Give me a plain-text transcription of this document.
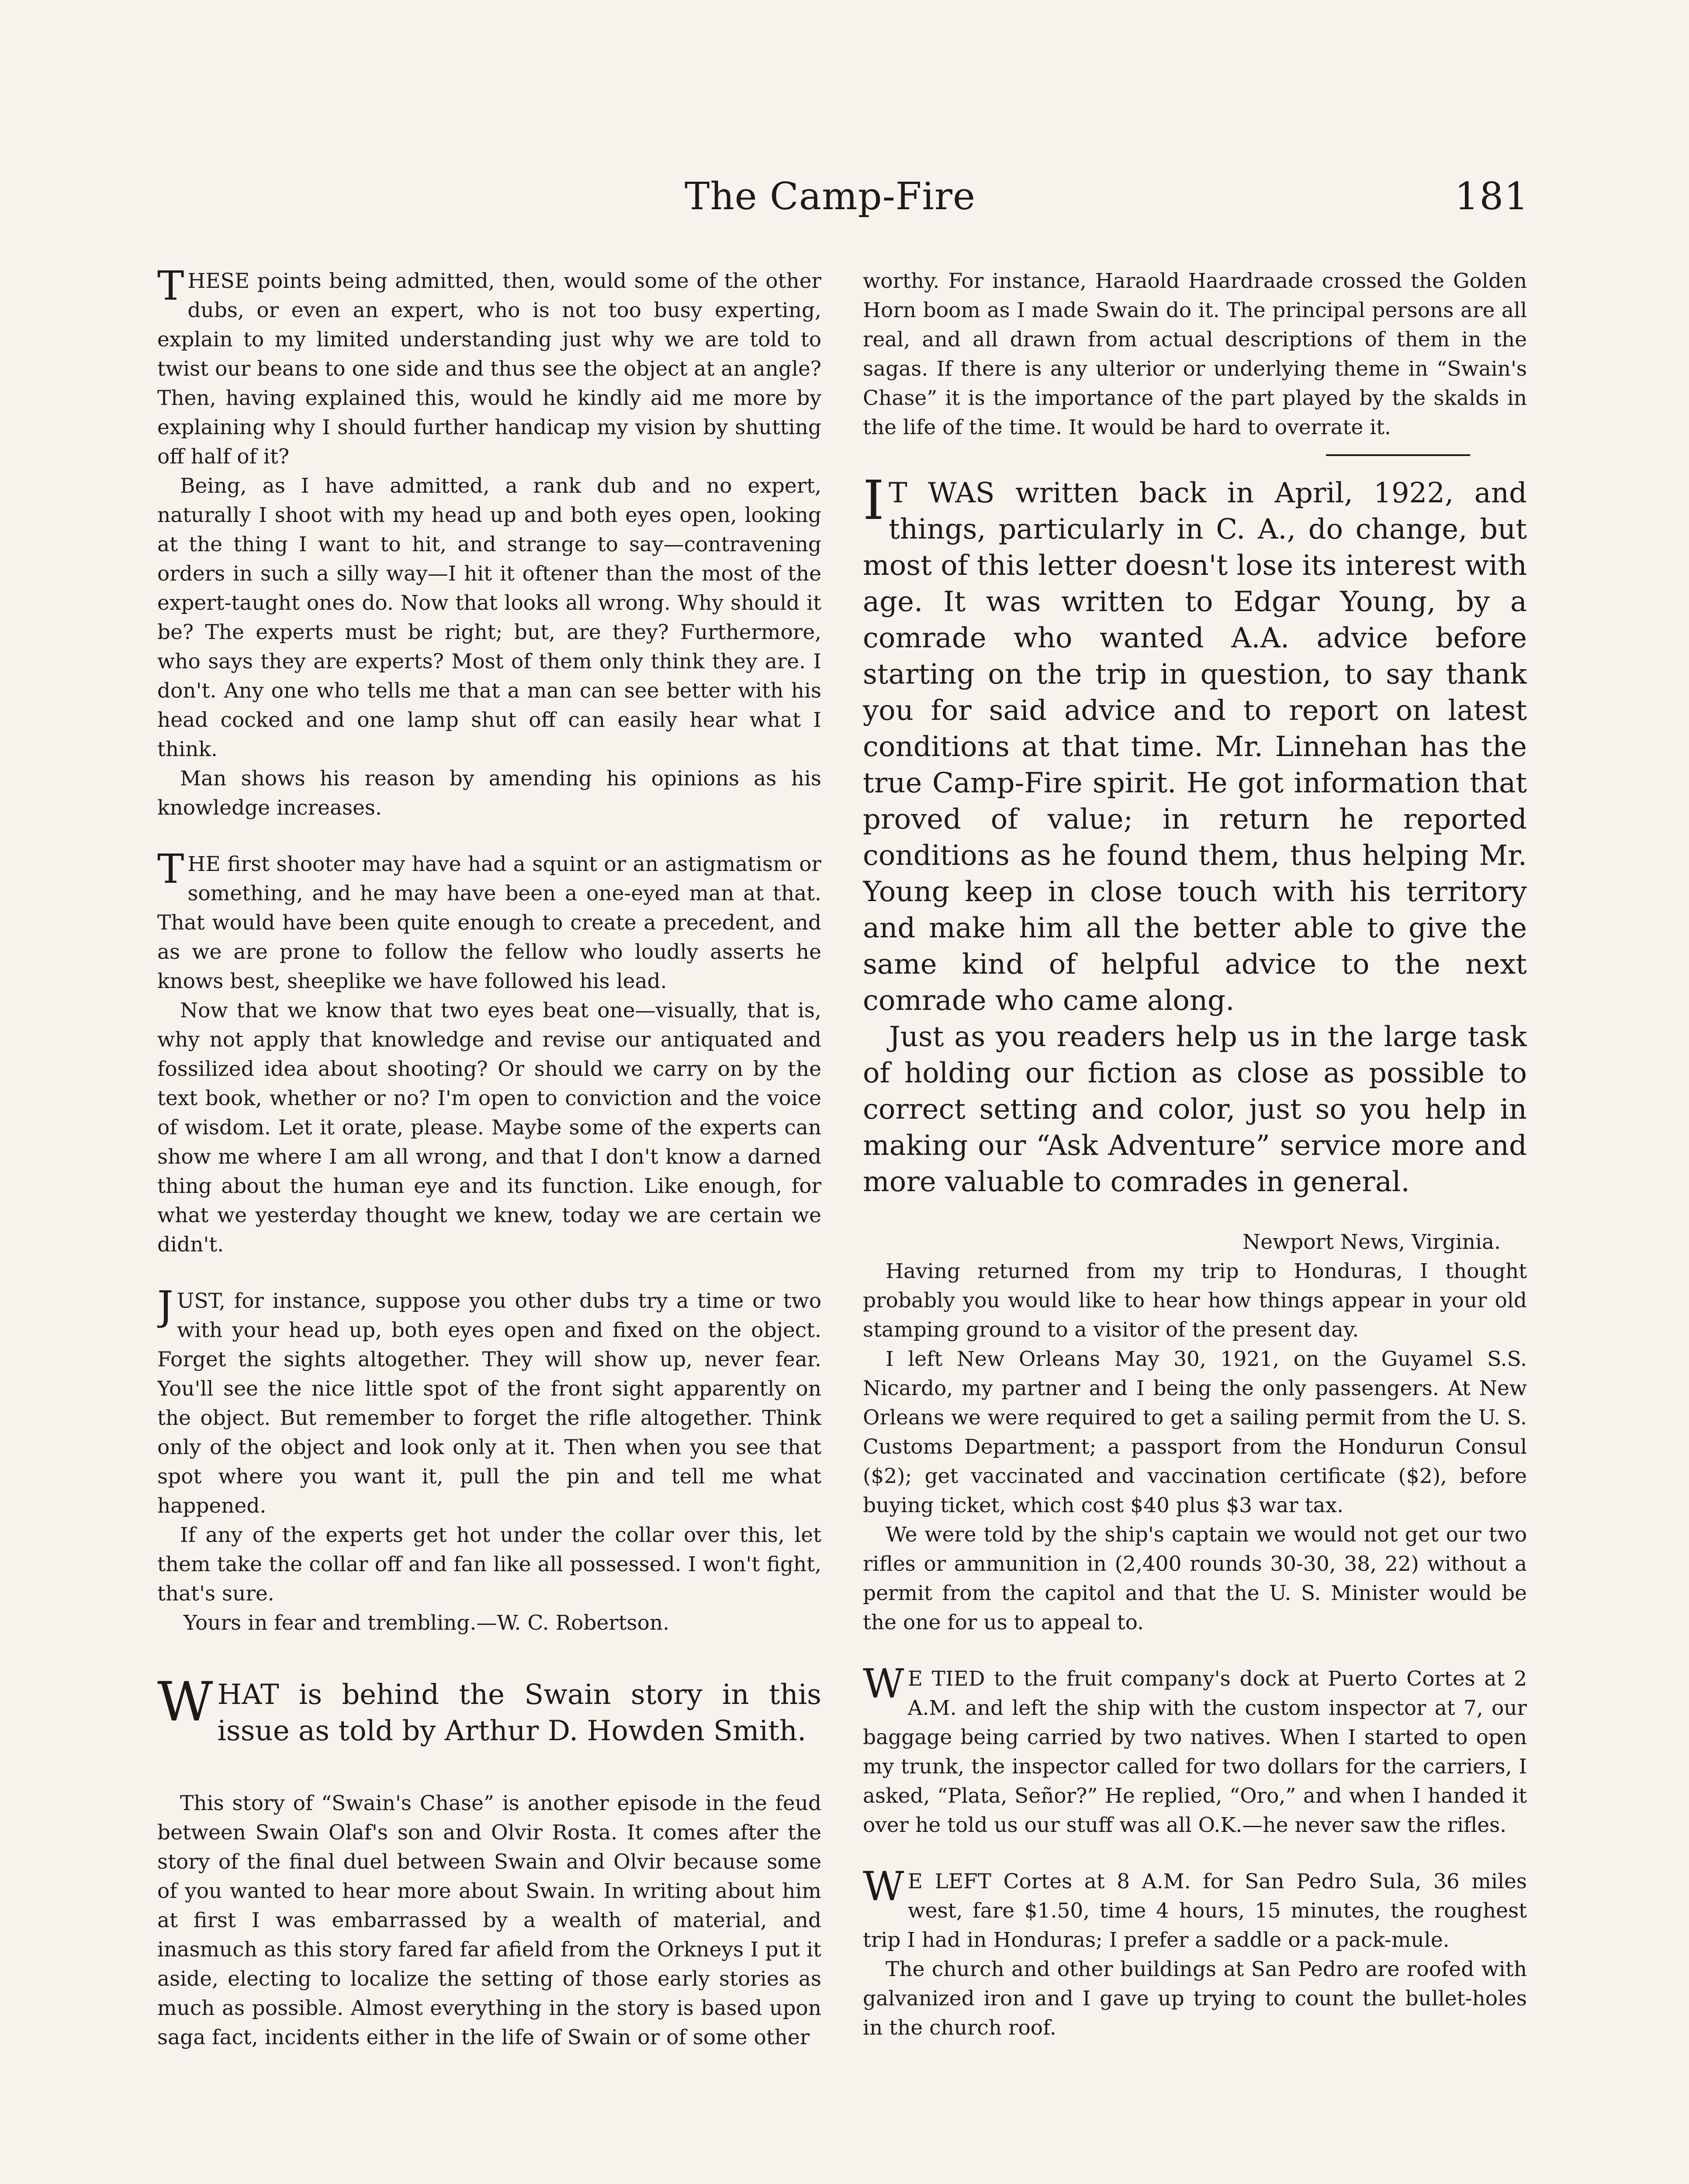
The Camp-Fire	181

THESE points being admitted, then, would some of the other dubs, or even an expert, who is not too busy experting, explain to my limited understanding just why we are told to twist our beans to one side and thus see the object at an angle? Then, having explained this, would he kindly aid me more by explaining why I should further handicap my vision by shutting off half of it?

Being, as I have admitted, a rank dub and no expert, naturally I shoot with my head up and both eyes open, looking at the thing I want to hit, and strange to say—contravening orders in such a silly way—I hit it oftener than the most of the expert-taught ones do. Now that looks all wrong. Why should it be? The experts must be right; but, are they? Furthermore, who says they are experts? Most of them only think they are. I don't. Any one who tells me that a man can see better with his head cocked and one lamp shut off can easily hear what I think.

Man shows his reason by amending his opinions as his knowledge increases.

THE first shooter may have had a squint or an astigmatism or something, and he may have been a one-eyed man at that. That would have been quite enough to create a precedent, and as we are prone to follow the fellow who loudly asserts he knows best, sheeplike we have followed his lead.

Now that we know that two eyes beat one—visually, that is, why not apply that knowledge and revise our antiquated and fossilized idea about shooting? Or should we carry on by the text book, whether or no? I'm open to conviction and the voice of wisdom. Let it orate, please. Maybe some of the experts can show me where I am all wrong, and that I don't know a darned thing about the human eye and its function. Like enough, for what we yesterday thought we knew, today we are certain we didn't.

JUST, for instance, suppose you other dubs try a time or two with your head up, both eyes open and fixed on the object. Forget the sights altogether. They will show up, never fear. You'll see the nice little spot of the front sight apparently on the object. But remember to forget the rifle altogether. Think only of the object and look only at it. Then when you see that spot where you want it, pull the pin and tell me what happened.

If any of the experts get hot under the collar over this, let them take the collar off and fan like all possessed. I won't fight, that's sure.

Yours in fear and trembling.—W. C. Robertson.

WHAT is behind the Swain story in this issue as told by Arthur D. Howden Smith.

This story of “Swain's Chase” is another episode in the feud between Swain Olaf's son and Olvir Rosta. It comes after the story of the final duel between Swain and Olvir because some of you wanted to hear more about Swain. In writing about him at first I was embarrassed by a wealth of material, and inasmuch as this story fared far afield from the Orkneys I put it aside, electing to localize the setting of those early stories as much as possible. Almost everything in the story is based upon saga fact, incidents either in the life of Swain or of some other

worthy. For instance, Haraold Haardraade crossed the Golden Horn boom as I made Swain do it. The principal persons are all real, and all drawn from actual descriptions of them in the sagas. If there is any ulterior or underlying theme in “Swain's Chase” it is the importance of the part played by the skalds in the life of the time. It would be hard to overrate it.

I T WAS written back in April, 1922, and things, particularly in C. A., do change, but most of this letter doesn't lose its interest with age. It was written to Edgar Young, by a comrade who wanted A.A. advice before starting on the trip in question, to say thank you for said advice and to report on latest conditions at that time. Mr. Linnehan has the true Camp-Fire spirit. He got information that proved of value; in return he reported conditions as he found them, thus helping Mr. Young keep in close touch with his territory and make him all the better able to give the same kind of helpful advice to the next comrade who came along.

Just as you readers help us in the large task of holding our fiction as close as possible to correct setting and color, just so you help in making our “Ask Adventure” service more and more valuable to comrades in general.

Newport News, Virginia.

Having returned from my trip to Honduras, I thought probably you would like to hear how things appear in your old stamping ground to a visitor of the present day.

I left New Orleans May 30, 1921, on the Guyamel S.S. Nicardo, my partner and I being the only passengers. At New Orleans we were required to get a sailing permit from the U. S. Customs Department; a passport from the Hondurun Consul ($2); get vaccinated and vaccination certificate ($2), before buying ticket, which cost $40 plus $3 war tax.

We were told by the ship's captain we would not get our two rifles or ammunition in (2,400 rounds 30-30, 38, 22) without a permit from the capitol and that the U. S. Minister would be the one for us to appeal to.

W E TIED to the fruit company's dock at Puerto Cortes at 2 A.M. and left the ship with the custom inspector at 7, our baggage being carried by two natives. When I started to open my trunk, the inspector called for two dollars for the carriers, I asked, “Plata, Señor?” He replied, “Oro,” and when I handed it over he told us our stuff was all O.K.—he never saw the rifles.

W E LEFT Cortes at 8 A.M. for San Pedro Sula, 36 miles west, fare $1.50, time 4 hours, 15 minutes, the roughest trip I had in Honduras; I prefer a saddle or a pack-mule.

The church and other buildings at San Pedro are roofed with galvanized iron and I gave up trying to count the bullet-holes in the church roof.
